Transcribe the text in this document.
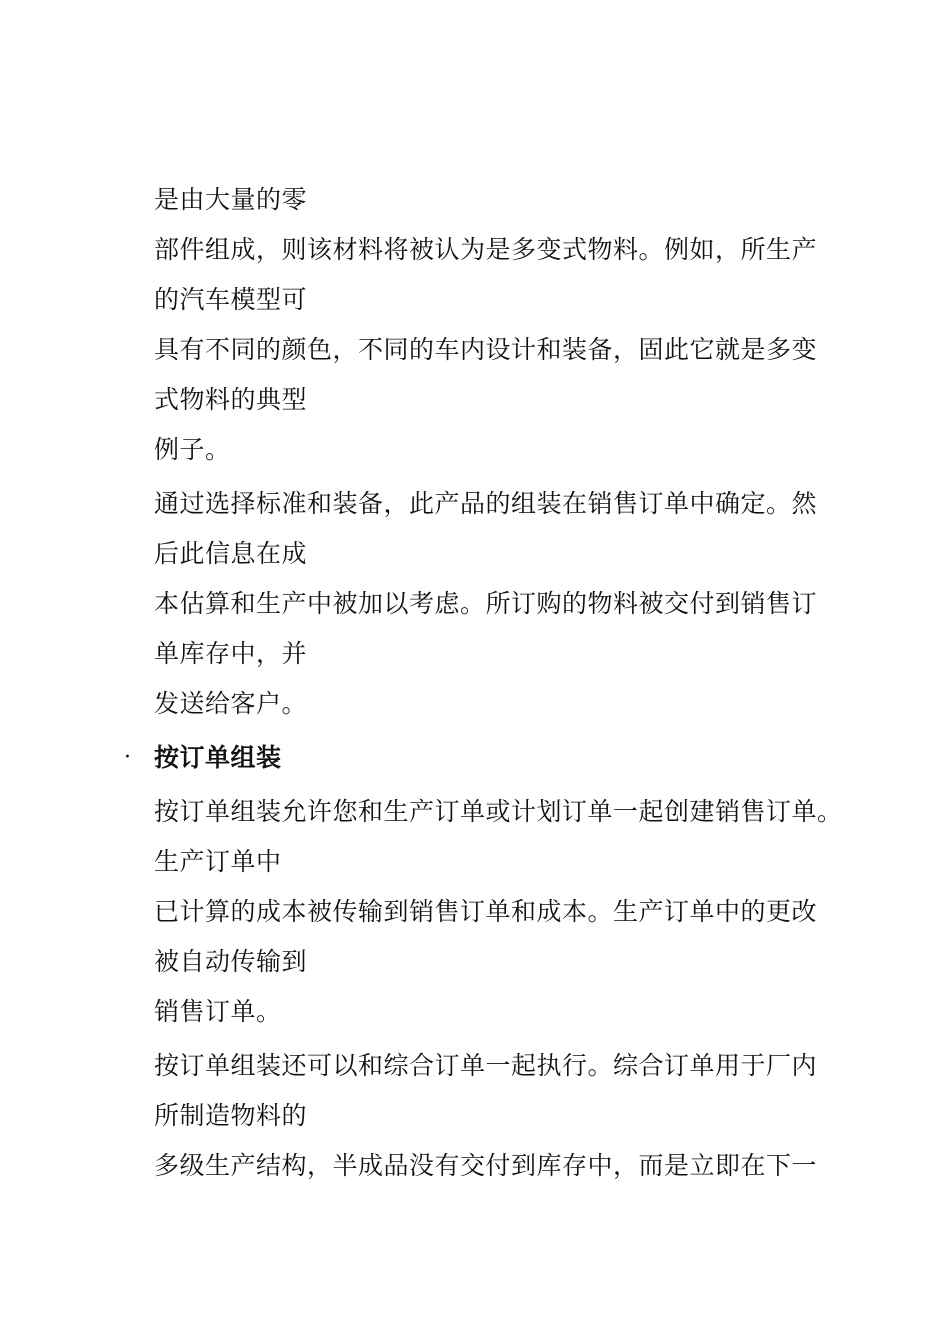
是由大量的零
部件组成，则该材料将被认为是多变式物料。例如，所生产
的汽车模型可
具有不同的颜色，不同的车内设计和装备，固此它就是多变
式物料的典型
例子。
通过选择标准和装备，此产品的组装在销售订单中确定。然
后此信息在成
本估算和生产中被加以考虑。所订购的物料被交付到销售订
单库存中，并
发送给客户。
· 按订单组装
按订单组装允许您和生产订单或计划订单一起创建销售订单。
生产订单中
已计算的成本被传输到销售订单和成本。生产订单中的更改
被自动传输到
销售订单。
按订单组装还可以和综合订单一起执行。综合订单用于厂内
所制造物料的
多级生产结构，半成品没有交付到库存中，而是立即在下一
